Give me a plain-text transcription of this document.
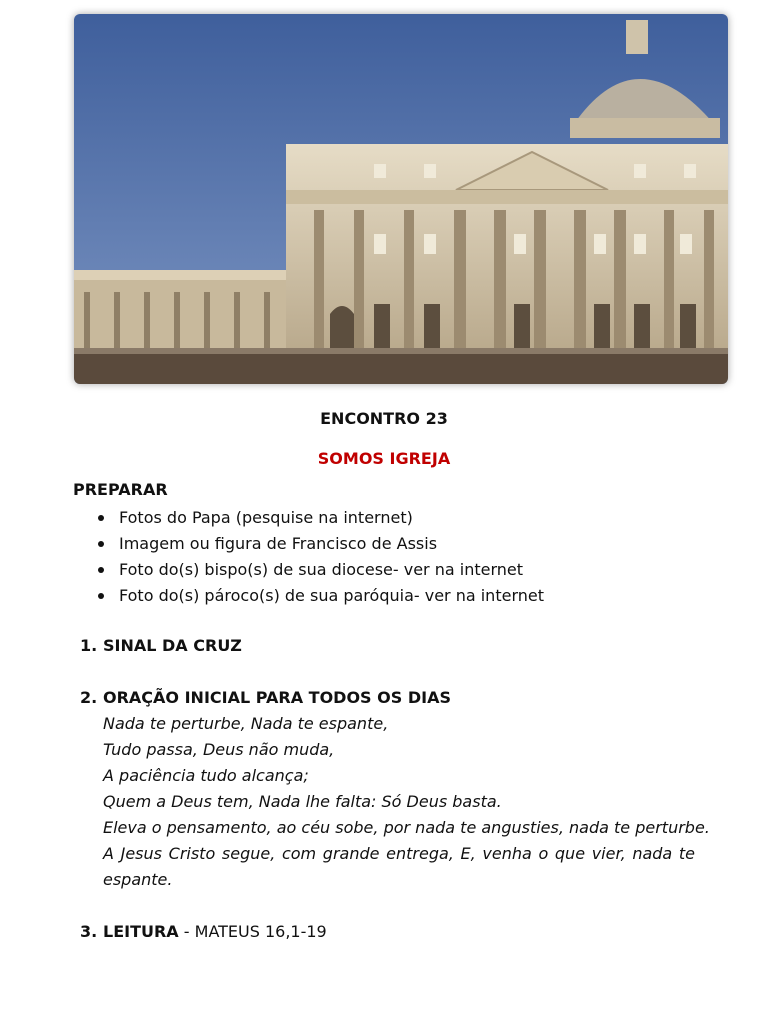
ENCONTRO 23
SOMOS IGREJA
PREPARAR
Fotos do Papa (pesquise na internet)
Imagem ou figura de Francisco de Assis
Foto do(s) bispo(s) de sua diocese- ver na internet
Foto do(s) pároco(s) de sua paróquia- ver na internet
1. SINAL DA CRUZ
2. ORAÇÃO INICIAL PARA TODOS OS DIAS
Nada te perturbe, Nada te espante,
Tudo passa, Deus não muda,
A paciência tudo alcança;
Quem a Deus tem, Nada lhe falta: Só Deus basta.
Eleva o pensamento, ao céu sobe, por nada te angusties, nada te perturbe.
A Jesus Cristo segue, com grande entrega, E, venha o que vier, nada te espante.
3. LEITURA - MATEUS 16,1-19
